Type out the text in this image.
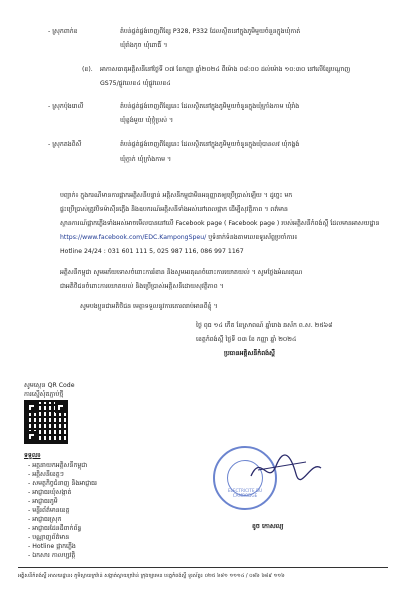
- ស្រុកពាក់ខ	តំបន់ផ្គត់ផ្គង់ចេញពីខ្សែ P328, P332 ដែលស្ថិតនៅក្នុងភូមិមួយចំនួនក្នុងឃុំកាត់
ឃុំរាំងកុច ឃុំពោធិ៍ ។
(ខ). អាកាសធាតុអគ្គិសនីនៅថ្ងៃទី ០៧ ខែកញ្ញា ឆ្នាំ២០២៤ ពីម៉ោង ០៨:០០ ដល់ម៉ោង ១០:៣០ នៅលើខ្សែបណ្តាញ
GS75/ផ្លូវលេខ៤ ឃុំផ្លូវលេខ៤
- ស្រុកប៉ុងរោលី	តំបន់ផ្គត់ផ្គង់ចេញពីខ្សែនេះ ដែលស្ថិតនៅក្នុងភូមិមួយចំនួនក្នុងឃុំក្រាំងកាម ឃុំរាំង
ឃុំខ្លង់មួយ ឃុំថ្កុំប្រស់ ។
- ស្រុកគងពិសី	តំបន់ផ្គត់ផ្គង់ចេញពីខ្សែនេះ ដែលស្ថិតនៅក្នុងភូមិមួយចំនួនក្នុងឃុំបានលវ ឃុំកង្ហង់
ឃុំក្តាក់ ឃុំក្រាំងកាម ។
បញ្ជាក់៖ ក្នុងករណីមានការផ្អាកអគ្គិសនីបន្ទាន់ អគ្គិសនីកម្ពុជាមិនអនុញ្ញាតឲ្យប្រើប្រាស់ឡើយ ។ ដូច្នេះ មក
ផ្ទះប្រើប្រាស់ត្រូវបិទម៉ាស៊ីនភ្លើង និងឧបករណ៍អគ្គិសនីទាំងអស់នៅពេលផ្អាក ដើម្បីសុវត្ថិភាព ។ ពត៌មាន
ស្ថានការណ៍ផ្អាកភ្លើងទាំងអស់អាចមើលបាននៅលើ Facebook page ( Facebook page ) របស់អគ្គិសនីកំពង់ស្ពឺ ដែលមានអាសយដ្ឋាន
https://www.facebook.com/EDC.KampongSpeu/ ឬទំនាក់ទំនងតាមលេខទូរស័ព្ទប្រចាំការ៖
Hotline 24/24 : 031 601 111 5, 025 987 116, 086 997 1167
អគ្គិសនីកម្ពុជា សូមអភ័យទោសចំពោះការរំខាន និងសូមអរគុណចំពោះការយោគយល់ ។ សូមថ្លែងអំណរគុណ
ជាអតិថិជនចំពោះការយោគយល់ និងប្រើប្រាស់អគ្គិសនីដោយសុវត្ថិភាព ។
សូមបងប្អូនជាអតិថិជន មេត្តាទទួលនូវការគោរពរាប់អានពីខ្ញុំ ។
ថ្ងៃ ពុធ ១៤ កើត ខែស្រាពណ៍ ឆ្នាំរោង ឆស័ក ព.ស. ២៥៦៨
ខេត្តកំពង់ស្ពឺ ថ្ងៃទី ០៣ ខែ កញ្ញា ឆ្នាំ ២០២៤
ប្រធានអគ្គិសនីកំពង់ស្ពឺ
សូមស្កេន QR Code
ការស្នើសុំតភ្ជាប់ថ្មី
ទទួល៖
- អគ្គនាយកអគ្គិសនីកម្ពុជា
- អគ្គិសនីខេត្តៗ
- សមត្ថកិច្ចជំនាញ និងអាជ្ញាធរ
- អាជ្ញាធរឃុំសង្កាត់
- អាជ្ញាធរភូមិ
- មន្ទីរព័ត៌មានខេត្ត
- អាជ្ញាធរស្រុក
- អាជ្ញាធរដែនដីពាក់ព័ន្ធ
- បណ្ណាញព័ត៌មាន
- Hotline ផ្អាកភ្លើង
- ឯកសារ កាលប្បវត្តិ
ELECTRICITE DU CAMBODGE
ខូច កោសល្យ
អគ្គិសនីកំពង់ស្ពឺ អាសយដ្ឋាន៖ ភូមិស្វាយក្រវ៉ាន់ សង្កាត់ស្វាយក្រវ៉ាន់ ក្រុងច្បារមន ខេត្តកំពង់ស្ពឺ ទូរស័ព្ទ៖ ០២៥ ៦៨១ ១១១៤ / ០៨៦ ៦៨៩ ១១៦
